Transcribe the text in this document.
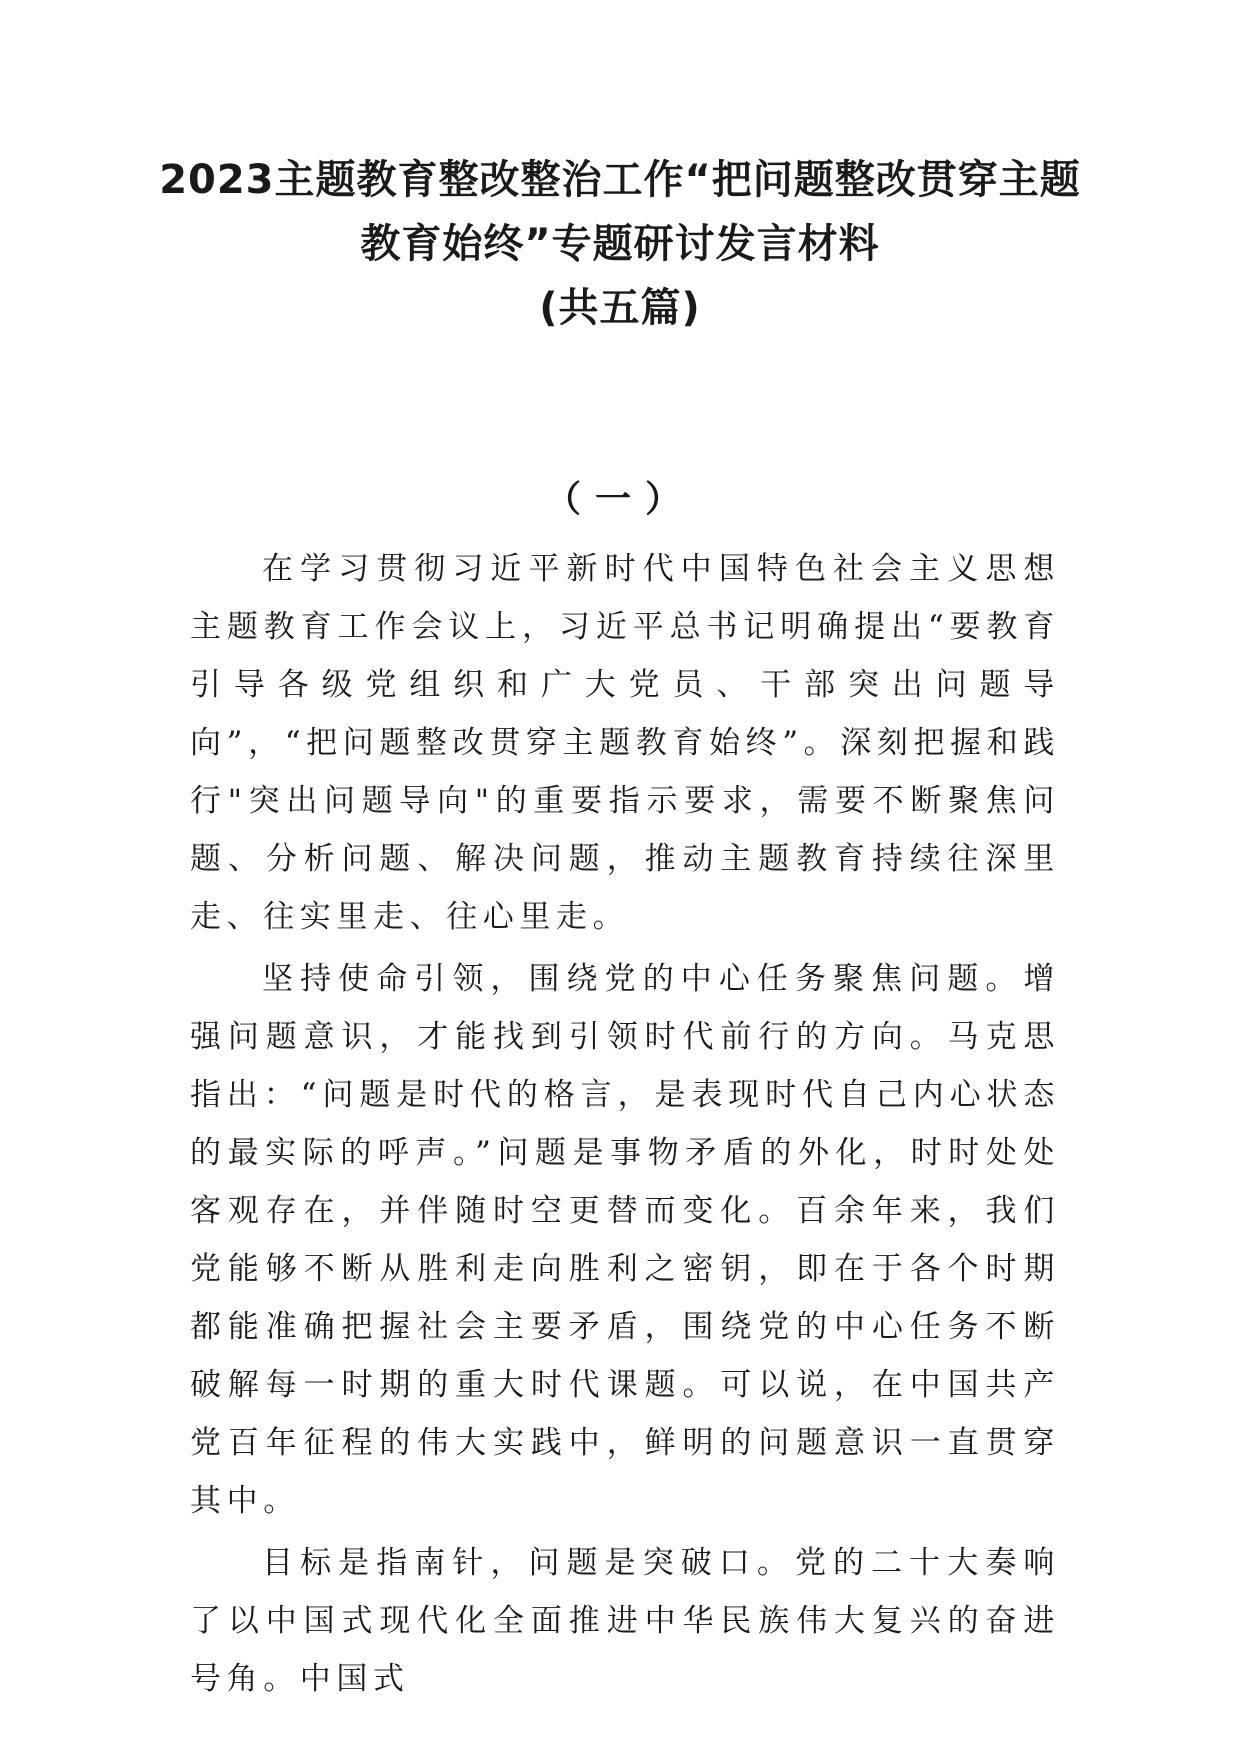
2023主题教育整改整治工作“把问题整改贯穿主题
教育始终”专题研讨发言材料
(共五篇)
（一）

在学习贯彻习近平新时代中国特色社会主义思想主题教育工作会议上，习近平总书记明确提出“要教育引导各级党组织和广大党员、干部突出问题导向”，“把问题整改贯穿主题教育始终”。深刻把握和践行"突出问题导向"的重要指示要求，需要不断聚焦问题、分析问题、解决问题，推动主题教育持续往深里走、往实里走、往心里走。

坚持使命引领，围绕党的中心任务聚焦问题。增强问题意识，才能找到引领时代前行的方向。马克思指出：“问题是时代的格言，是表现时代自己内心状态的最实际的呼声。”问题是事物矛盾的外化，时时处处客观存在，并伴随时空更替而变化。百余年来，我们党能够不断从胜利走向胜利之密钥，即在于各个时期都能准确把握社会主要矛盾，围绕党的中心任务不断破解每一时期的重大时代课题。可以说，在中国共产党百年征程的伟大实践中，鲜明的问题意识一直贯穿其中。

目标是指南针，问题是突破口。党的二十大奏响了以中国式现代化全面推进中华民族伟大复兴的奋进号角。中国式
